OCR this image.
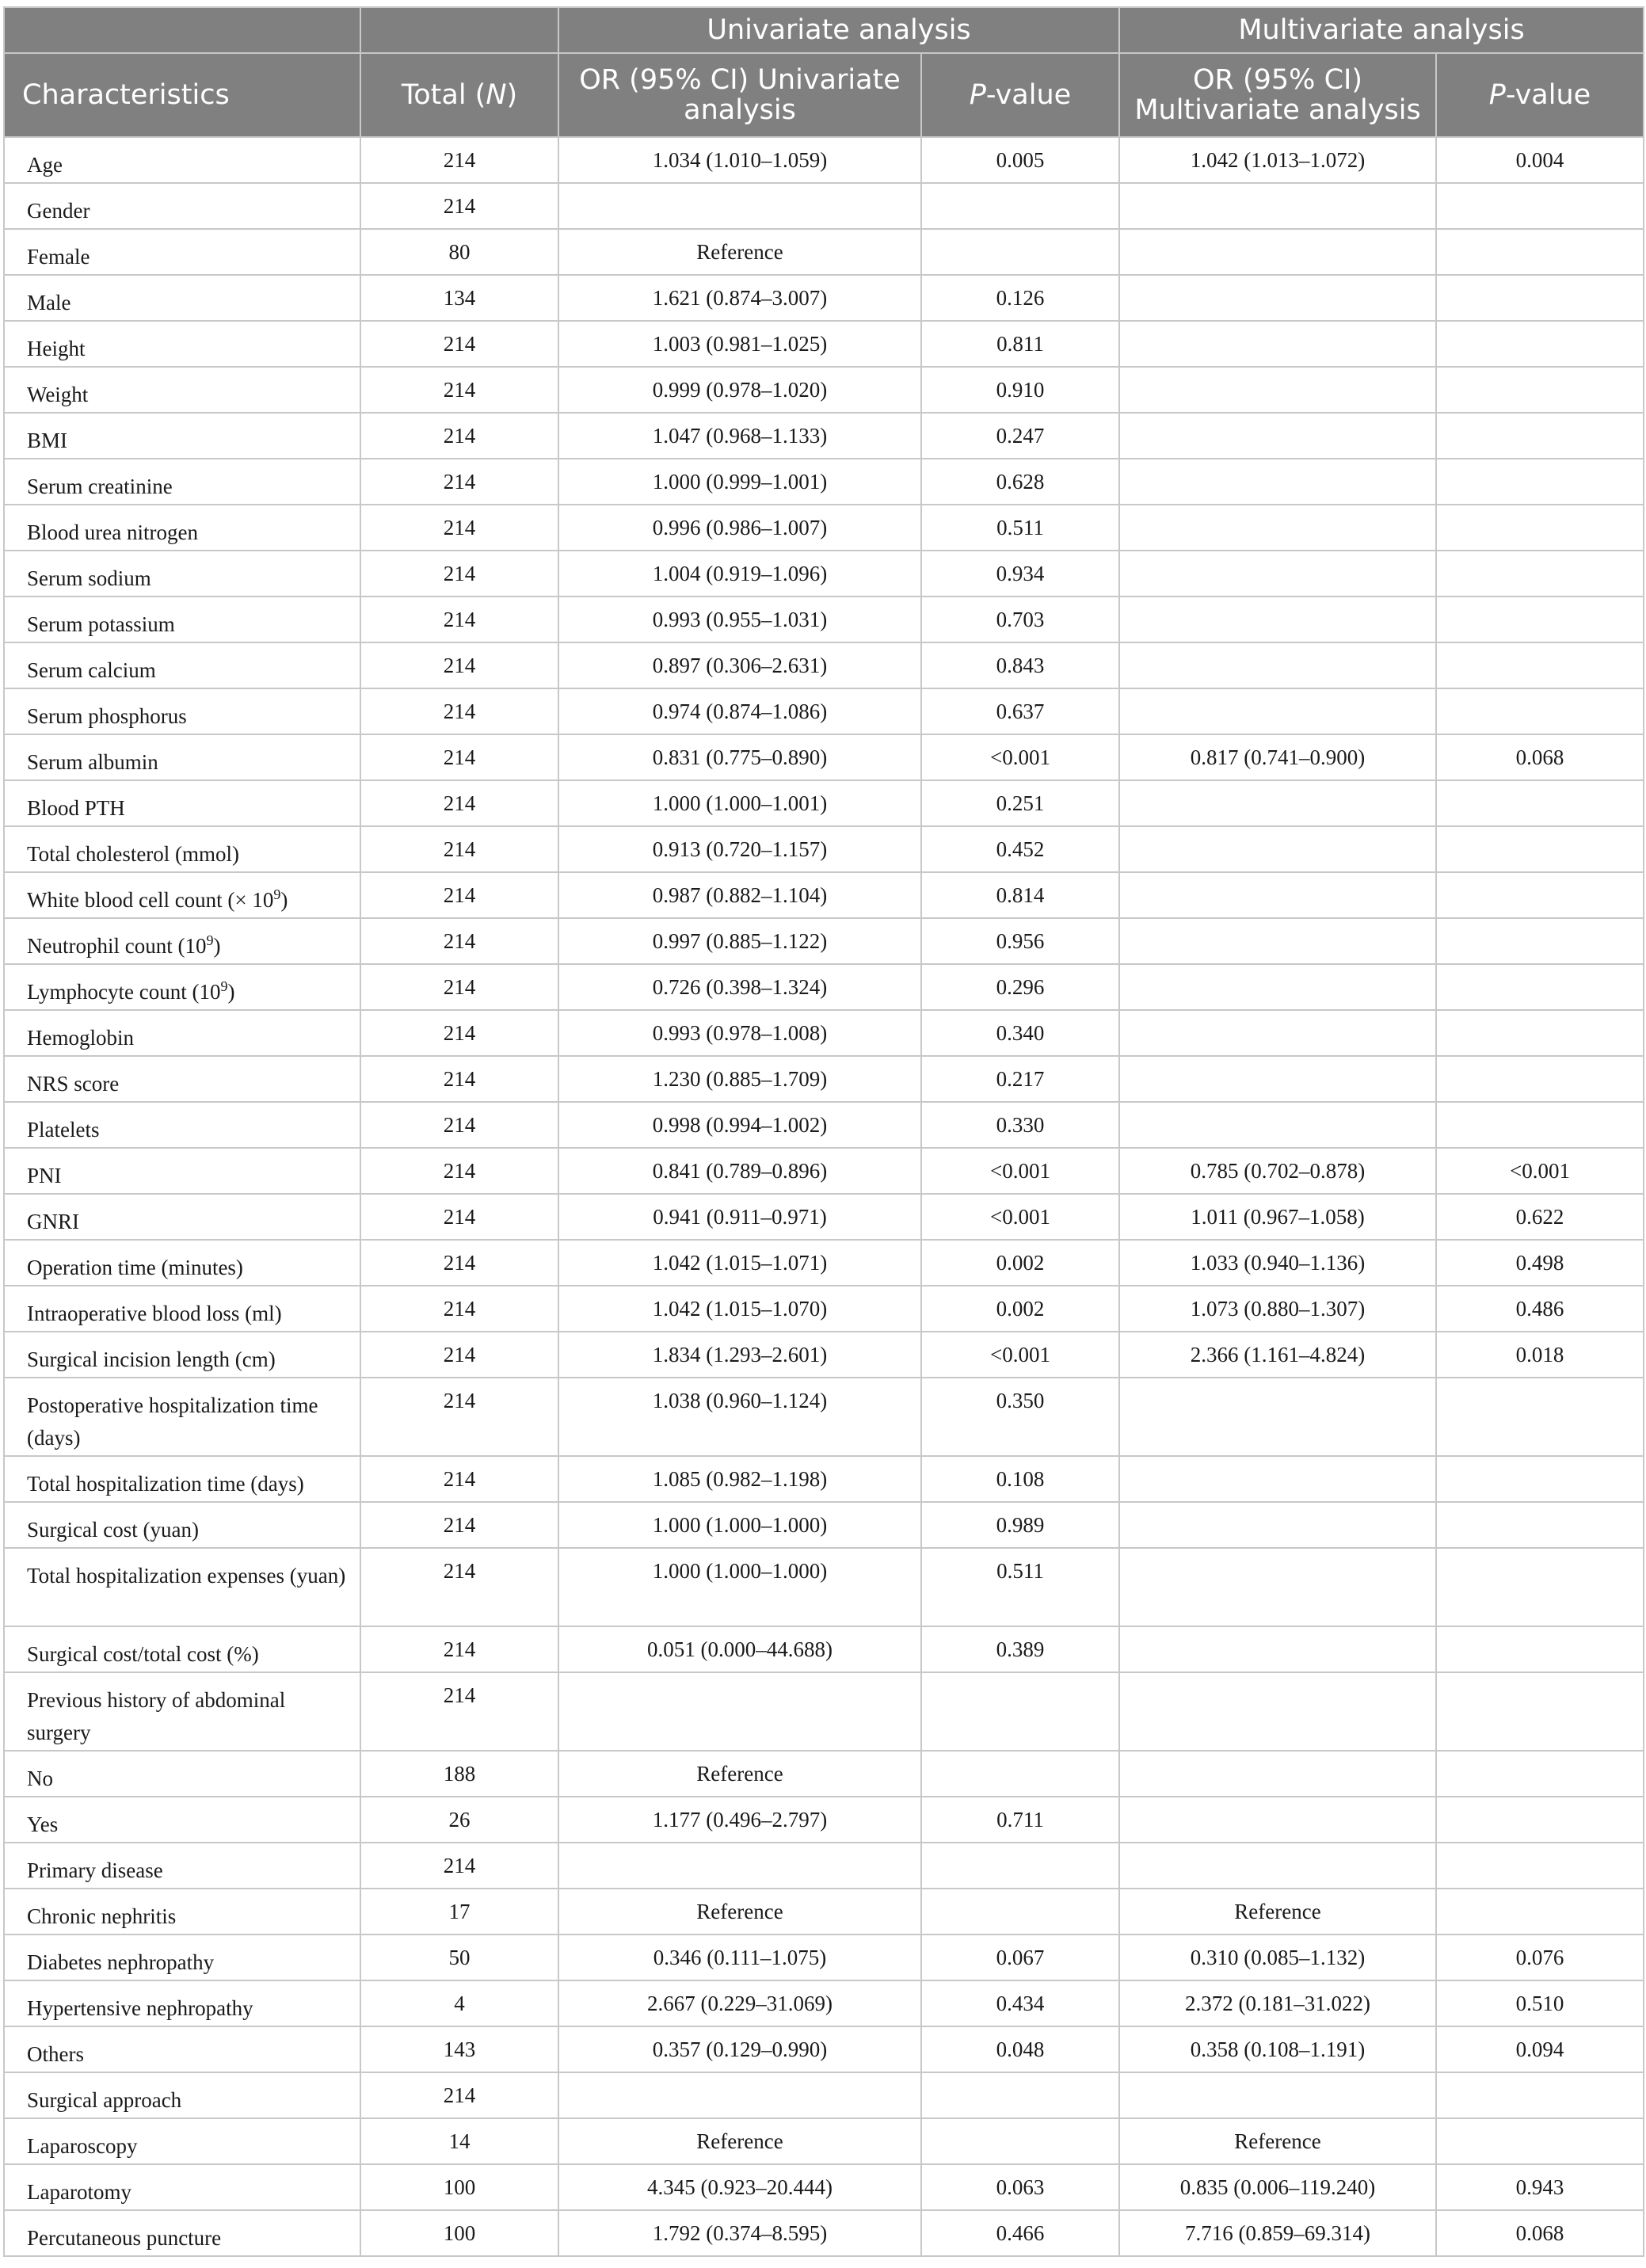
		Univariate analysis		Multivariate analysis	
Characteristics	Total (N)	OR (95% CI) Univariate analysis	P-value	OR (95% CI) Multivariate analysis	P-value
Age	214	1.034 (1.010–1.059)	0.005	1.042 (1.013–1.072)	0.004
Gender	214				
Female	80	Reference			
Male	134	1.621 (0.874–3.007)	0.126		
Height	214	1.003 (0.981–1.025)	0.811		
Weight	214	0.999 (0.978–1.020)	0.910		
BMI	214	1.047 (0.968–1.133)	0.247		
Serum creatinine	214	1.000 (0.999–1.001)	0.628		
Blood urea nitrogen	214	0.996 (0.986–1.007)	0.511		
Serum sodium	214	1.004 (0.919–1.096)	0.934		
Serum potassium	214	0.993 (0.955–1.031)	0.703		
Serum calcium	214	0.897 (0.306–2.631)	0.843		
Serum phosphorus	214	0.974 (0.874–1.086)	0.637		
Serum albumin	214	0.831 (0.775–0.890)	<0.001	0.817 (0.741–0.900)	0.068
Blood PTH	214	1.000 (1.000–1.001)	0.251		
Total cholesterol (mmol)	214	0.913 (0.720–1.157)	0.452		
White blood cell count (× $10^9$)	214	0.987 (0.882–1.104)	0.814		
Neutrophil count $(10^9)$	214	0.997 (0.885–1.122)	0.956		
Lymphocyte count $(10^9)$	214	0.726 (0.398–1.324)	0.296		
Hemoglobin	214	0.993 (0.978–1.008)	0.340		
NRS score	214	1.230 (0.885–1.709)	0.217		
Platelets	214	0.998 (0.994–1.002)	0.330		
PNI	214	0.841 (0.789–0.896)	<0.001	0.785 (0.702–0.878)	<0.001
GNRI	214	0.941 (0.911–0.971)	<0.001	1.011 (0.967–1.058)	0.622
Operation time (minutes)	214	1.042 (1.015–1.071)	0.002	1.033 (0.940–1.136)	0.498
Intraoperative blood loss (ml)	214	1.042 (1.015–1.070)	0.002	1.073 (0.880–1.307)	0.486
Surgical incision length (cm)	214	1.834 (1.293–2.601)	<0.001	2.366 (1.161–4.824)	0.018
Postoperative hospitalization time (days)	214	1.038 (0.960–1.124)	0.350		
Total hospitalization time (days)	214	1.085 (0.982–1.198)	0.108		
Surgical cost (yuan)	214	1.000 (1.000–1.000)	0.989		
Total hospitalization expenses (yuan)	214	1.000 (1.000–1.000)	0.511		
Surgical cost/total cost (%)	214	0.051 (0.000–44.688)	0.389		
Previous history of abdominal surgery	214				
No	188	Reference			
Yes	26	1.177 (0.496–2.797)	0.711		
Primary disease	214				
Chronic nephritis	17	Reference		Reference	
Diabetes nephropathy	50	0.346 (0.111–1.075)	0.067	0.310 (0.085–1.132)	0.076
Hypertensive nephropathy	4	2.667 (0.229–31.069)	0.434	2.372 (0.181–31.022)	0.510
Others	143	0.357 (0.129–0.990)	0.048	0.358 (0.108–1.191)	0.094
Surgical approach	214				
Laparoscopy	14	Reference		Reference	
Laparotomy	100	4.345 (0.923–20.444)	0.063	0.835 (0.006–119.240)	0.943
Percutaneous puncture	100	1.792 (0.374–8.595)	0.466	7.716 (0.859–69.314)	0.068
